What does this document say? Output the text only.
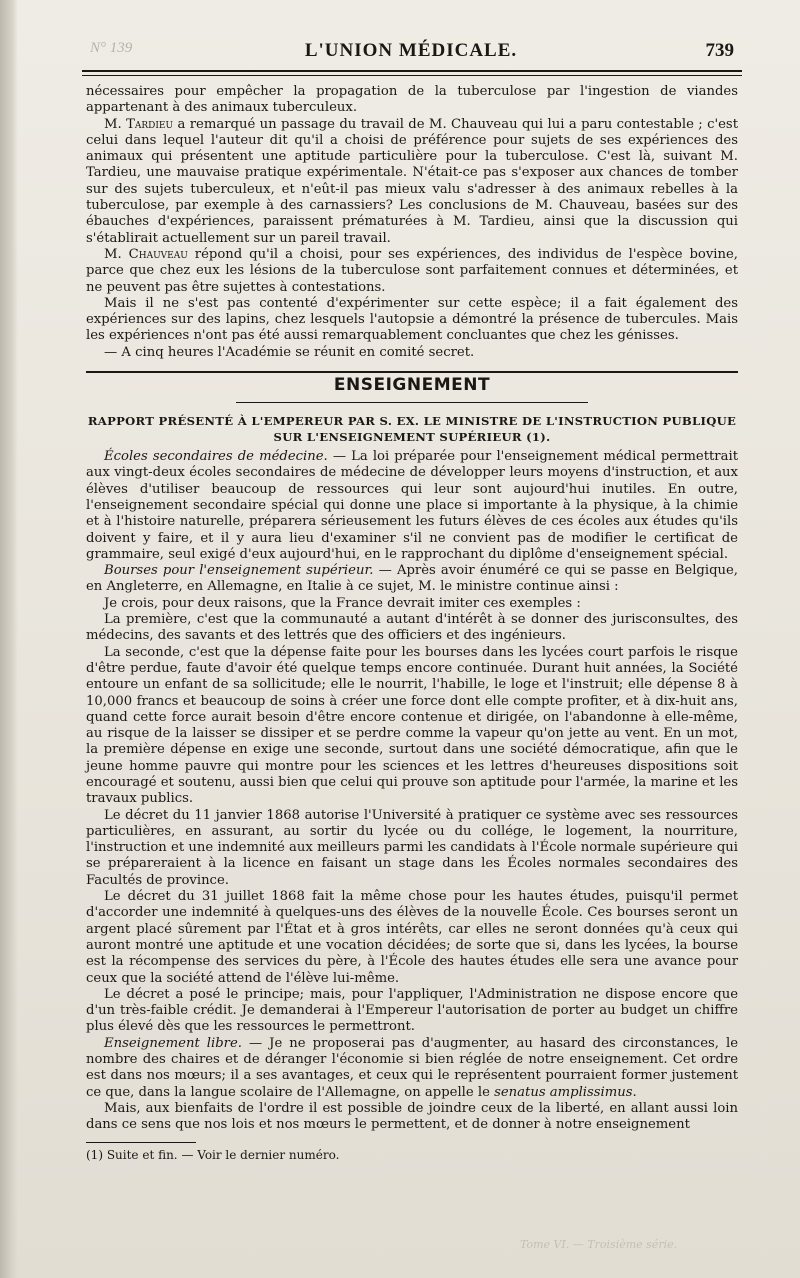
N° 139	L'UNION MÉDICALE.	739

nécessaires pour empêcher la propagation de la tuberculose par l'ingestion de viandes appartenant à des animaux tuberculeux.

M. Tardieu a remarqué un passage du travail de M. Chauveau qui lui a paru contestable ; c'est celui dans lequel l'auteur dit qu'il a choisi de préférence pour sujets de ses expériences des animaux qui présentent une aptitude particulière pour la tuberculose. C'est là, suivant M. Tardieu, une mauvaise pratique expérimentale. N'était-ce pas s'exposer aux chances de tomber sur des sujets tuberculeux, et n'eût-il pas mieux valu s'adresser à des animaux rebelles à la tuberculose, par exemple à des carnassiers? Les conclusions de M. Chauveau, basées sur des ébauches d'expériences, paraissent prématurées à M. Tardieu, ainsi que la discussion qui s'établirait actuellement sur un pareil travail.

M. Chauveau répond qu'il a choisi, pour ses expériences, des individus de l'espèce bovine, parce que chez eux les lésions de la tuberculose sont parfaitement connues et déterminées, et ne peuvent pas être sujettes à contestations.

Mais il ne s'est pas contenté d'expérimenter sur cette espèce; il a fait également des expériences sur des lapins, chez lesquels l'autopsie a démontré la présence de tubercules. Mais les expériences n'ont pas été aussi remarquablement concluantes que chez les génisses.

— A cinq heures l'Académie se réunit en comité secret.

ENSEIGNEMENT
RAPPORT PRÉSENTÉ À L'EMPEREUR PAR S. EX. LE MINISTRE DE L'INSTRUCTION PUBLIQUE
SUR L'ENSEIGNEMENT SUPÉRIEUR (1).

Écoles secondaires de médecine. — La loi préparée pour l'enseignement médical permettrait aux vingt-deux écoles secondaires de médecine de développer leurs moyens d'instruction, et aux élèves d'utiliser beaucoup de ressources qui leur sont aujourd'hui inutiles. En outre, l'enseignement secondaire spécial qui donne une place si importante à la physique, à la chimie et à l'histoire naturelle, préparera sérieusement les futurs élèves de ces écoles aux études qu'ils doivent y faire, et il y aura lieu d'examiner s'il ne convient pas de modifier le certificat de grammaire, seul exigé d'eux aujourd'hui, en le rapprochant du diplôme d'enseignement spécial.

Bourses pour l'enseignement supérieur. — Après avoir énuméré ce qui se passe en Belgique, en Angleterre, en Allemagne, en Italie à ce sujet, M. le ministre continue ainsi :

Je crois, pour deux raisons, que la France devrait imiter ces exemples :

La première, c'est que la communauté a autant d'intérêt à se donner des jurisconsultes, des médecins, des savants et des lettrés que des officiers et des ingénieurs.

La seconde, c'est que la dépense faite pour les bourses dans les lycées court parfois le risque d'être perdue, faute d'avoir été quelque temps encore continuée. Durant huit années, la Société entoure un enfant de sa sollicitude; elle le nourrit, l'habille, le loge et l'instruit; elle dépense 8 à 10,000 francs et beaucoup de soins à créer une force dont elle compte profiter, et à dix-huit ans, quand cette force aurait besoin d'être encore contenue et dirigée, on l'abandonne à elle-même, au risque de la laisser se dissiper et se perdre comme la vapeur qu'on jette au vent. En un mot, la première dépense en exige une seconde, surtout dans une société démocratique, afin que le jeune homme pauvre qui montre pour les sciences et les lettres d'heureuses dispositions soit encouragé et soutenu, aussi bien que celui qui prouve son aptitude pour l'armée, la marine et les travaux publics.

Le décret du 11 janvier 1868 autorise l'Université à pratiquer ce système avec ses ressources particulières, en assurant, au sortir du lycée ou du collége, le logement, la nourriture, l'instruction et une indemnité aux meilleurs parmi les candidats à l'École normale supérieure qui se prépareraient à la licence en faisant un stage dans les Écoles normales secondaires des Facultés de province.

Le décret du 31 juillet 1868 fait la même chose pour les hautes études, puisqu'il permet d'accorder une indemnité à quelques-uns des élèves de la nouvelle École. Ces bourses seront un argent placé sûrement par l'État et à gros intérêts, car elles ne seront données qu'à ceux qui auront montré une aptitude et une vocation décidées; de sorte que si, dans les lycées, la bourse est la récompense des services du père, à l'École des hautes études elle sera une avance pour ceux que la société attend de l'élève lui-même.

Le décret a posé le principe; mais, pour l'appliquer, l'Administration ne dispose encore que d'un très-faible crédit. Je demanderai à l'Empereur l'autorisation de porter au budget un chiffre plus élevé dès que les ressources le permettront.

Enseignement libre. — Je ne proposerai pas d'augmenter, au hasard des circonstances, le nombre des chaires et de déranger l'économie si bien réglée de notre enseignement. Cet ordre est dans nos mœurs; il a ses avantages, et ceux qui le représentent pourraient former justement ce que, dans la langue scolaire de l'Allemagne, on appelle le senatus amplissimus.

Mais, aux bienfaits de l'ordre il est possible de joindre ceux de la liberté, en allant aussi loin dans ce sens que nos lois et nos mœurs le permettent, et de donner à notre enseignement

(1) Suite et fin. — Voir le dernier numéro.

Tome VI. — Troisième série.
